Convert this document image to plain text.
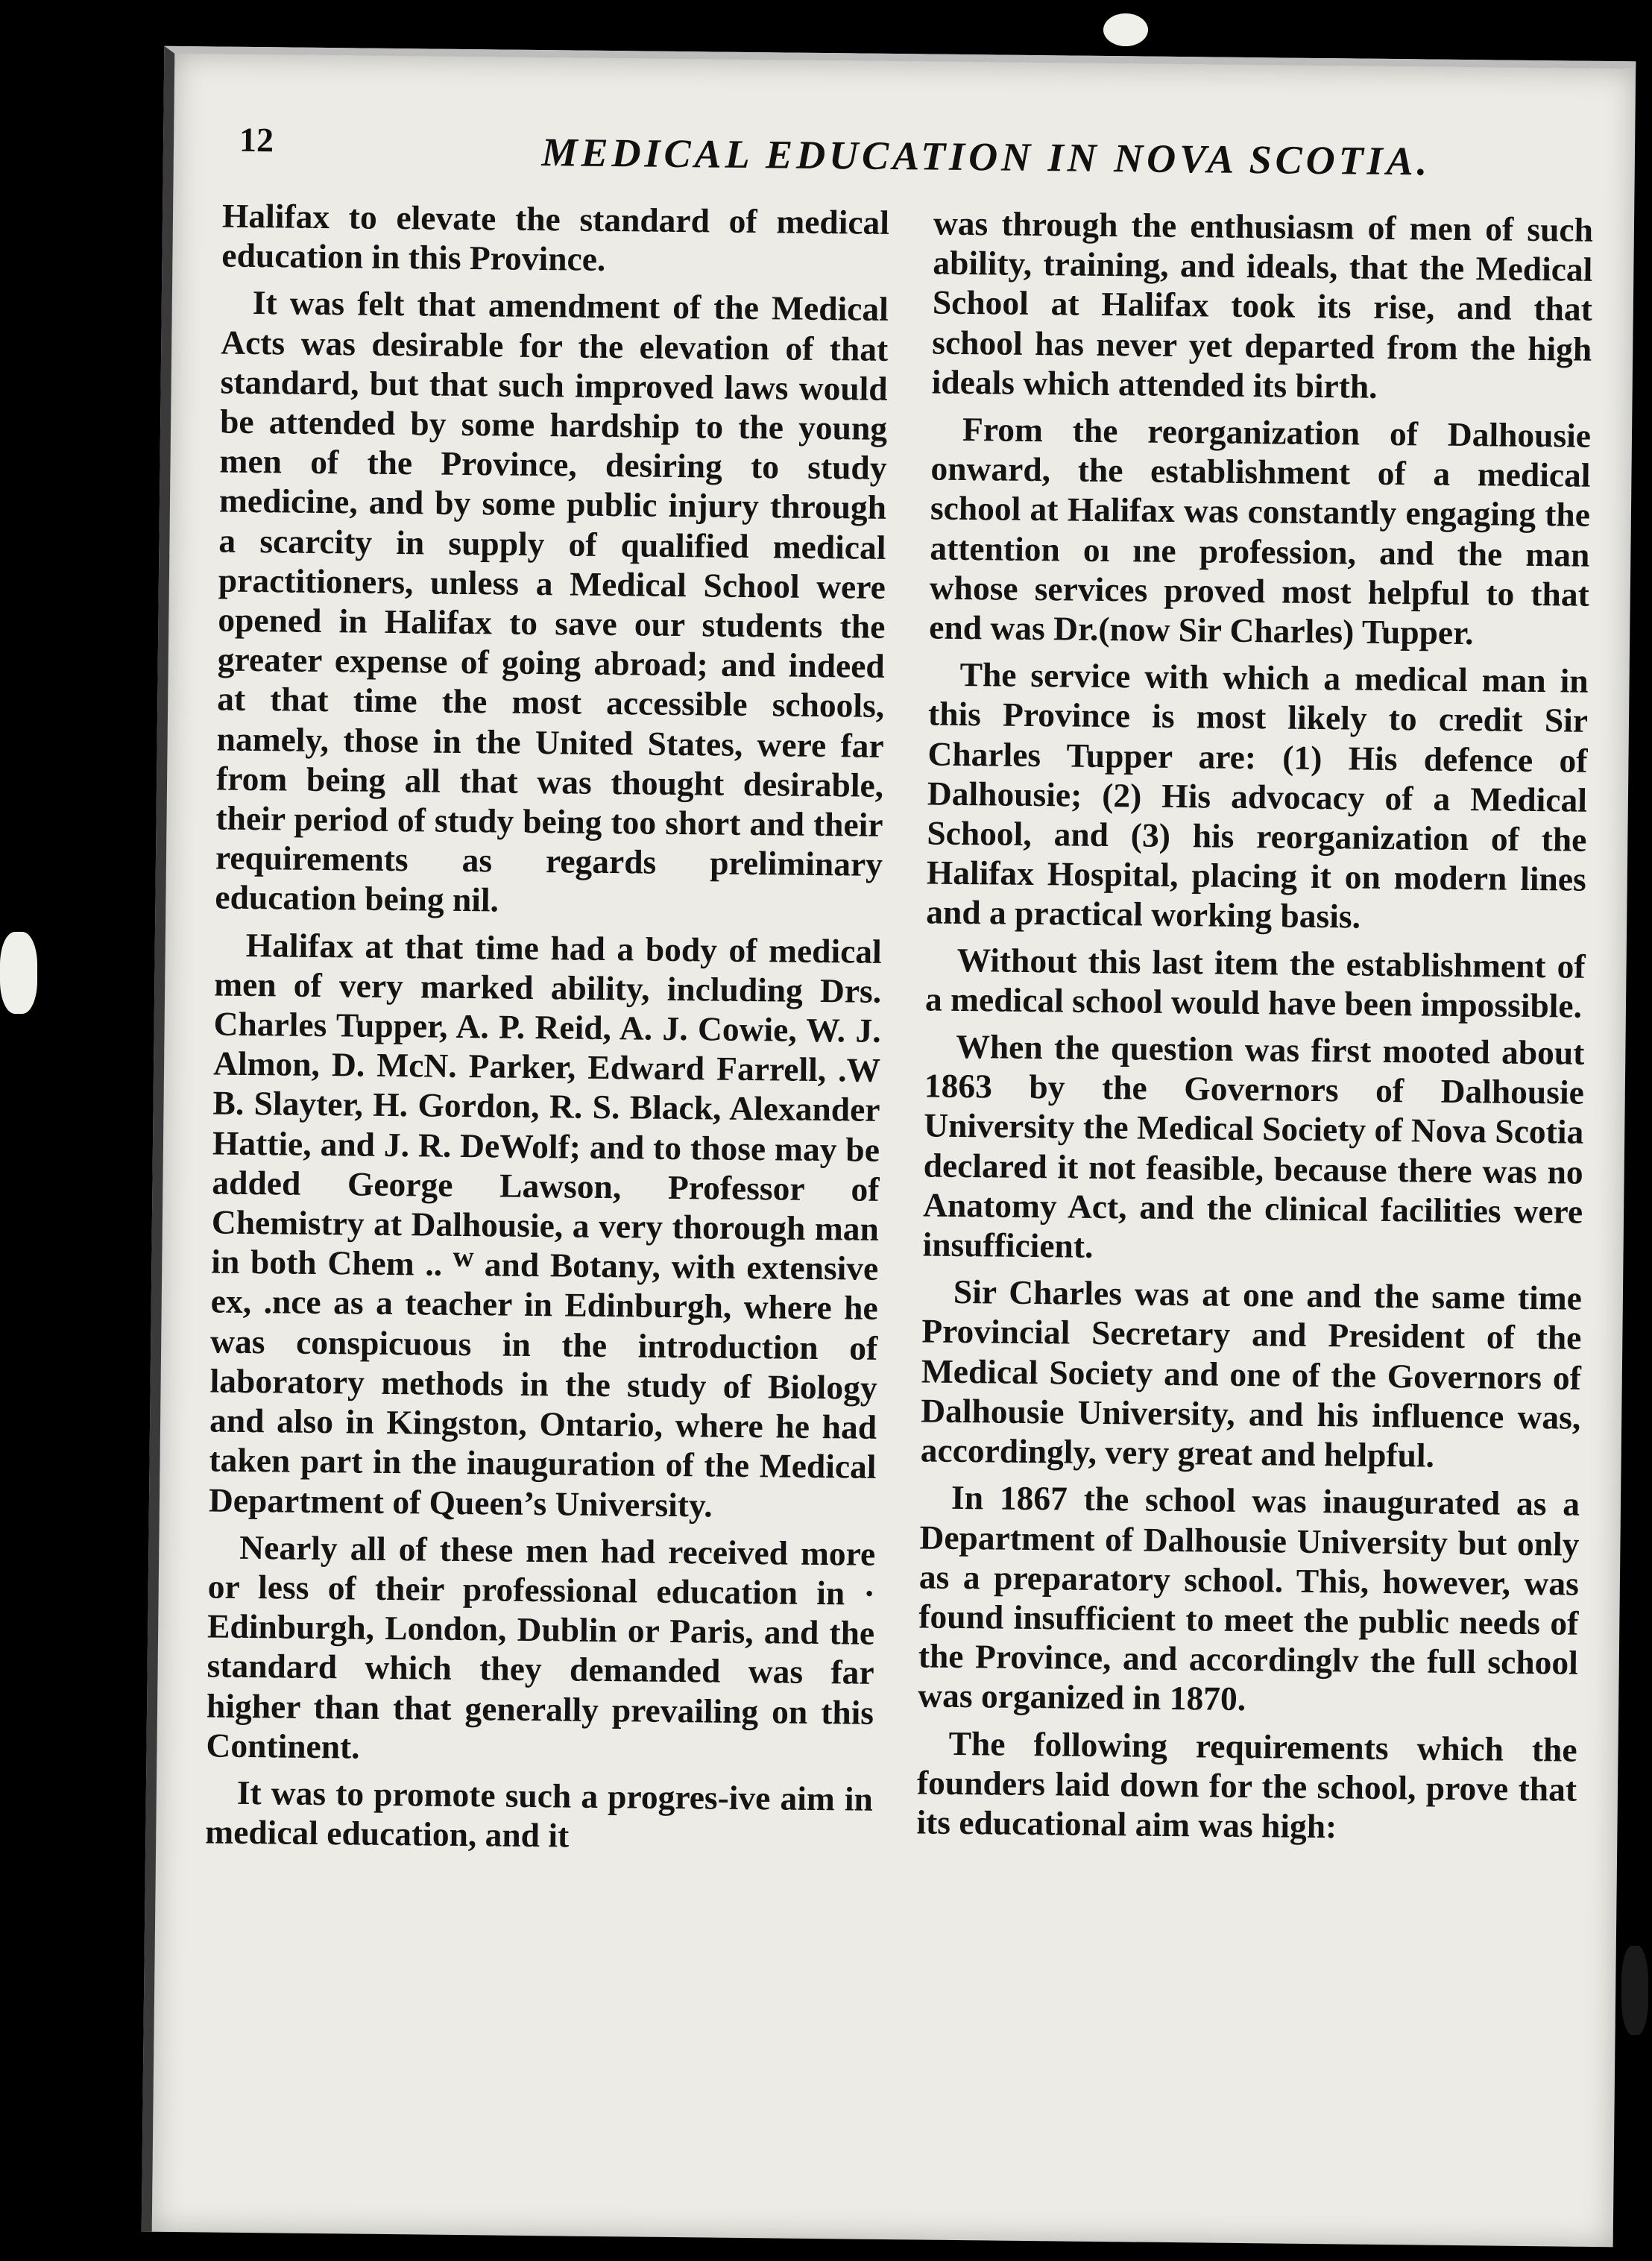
12	MEDICAL EDUCATION IN NOVA SCOTIA.

Halifax to elevate the standard of medical education in this Province.

It was felt that amendment of the Medical Acts was desirable for the elevation of that standard, but that such improved laws would be attended by some hardship to the young men of the Province, desiring to study medicine, and by some public injury through a scarcity in supply of qualified medical practitioners, unless a Medical School were opened in Halifax to save our students the greater expense of going abroad; and indeed at that time the most accessible schools, namely, those in the United States, were far from being all that was thought desirable, their period of study being too short and their requirements as regards preliminary education being nil.

Halifax at that time had a body of medical men of very marked ability, including Drs. Charles Tupper, A. P. Reid, A. J. Cowie, W. J. Almon, D. McN. Parker, Edward Farrell, .W B. Slayter, H. Gordon, R. S. Black, Alexander Hattie, and J. R. DeWolf; and to those may be added George Lawson, Professor of Chemistry at Dalhousie, a very thorough man in both Chem .. ᵂ and Botany, with extensive ex, .nce as a teacher in Edinburgh, where he was conspicuous in the introduction of laboratory methods in the study of Biology and also in Kingston, Ontario, where he had taken part in the inauguration of the Medical Department of Queen’s University.

Nearly all of these men had received more or less of their professional education in · Edinburgh, London, Dublin or Paris, and the standard which they demanded was far higher than that generally prevailing on this Continent.

It was to promote such a progres-ive aim in medical education, and it

was through the enthusiasm of men of such ability, training, and ideals, that the Medical School at Halifax took its rise, and that school has never yet departed from the high ideals which attended its birth.

From the reorganization of Dalhousie onward, the establishment of a medical school at Halifax was constantly engaging the attention oı ıne profession, and the man whose services proved most helpful to that end was Dr.(now Sir Charles) Tupper.

The service with which a medical man in this Province is most likely to credit Sir Charles Tupper are: (1) His defence of Dalhousie; (2) His advocacy of a Medical School, and (3) his reorganization of the Halifax Hospital, placing it on modern lines and a practical working basis.

Without this last item the establishment of a medical school would have been impossible.

When the question was first mooted about 1863 by the Governors of Dalhousie University the Medical Society of Nova Scotia declared it not feasible, because there was no Anatomy Act, and the clinical facilities were insufficient.

Sir Charles was at one and the same time Provincial Secretary and President of the Medical Society and one of the Governors of Dalhousie University, and his influence was, accordingly, very great and helpful.

In 1867 the school was inaugurated as a Department of Dalhousie University but only as a preparatory school. This, however, was found insufficient to meet the public needs of the Province, and accordinglv the full school was organized in 1870.

The following requirements which the founders laid down for the school, prove that its educational aim was high:
